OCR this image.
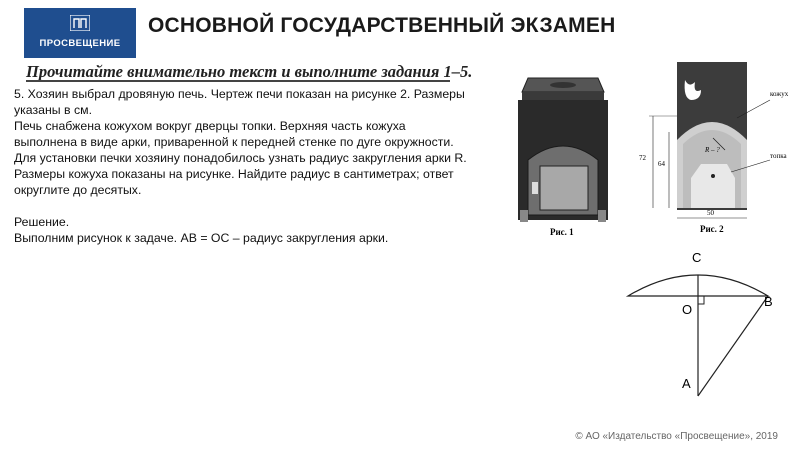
ПРОСВЕЩЕНИЕ
ОСНОВНОЙ ГОСУДАРСТВЕННЫЙ ЭКЗАМЕН
Прочитайте внимательно текст и выполните задания 1–5.

5. Хозяин выбрал дровяную печь. Чертеж печи показан на рисунке 2. Размеры

указаны в см.

Печь снабжена кожухом вокруг дверцы топки. Верхняя часть кожуха

выполнена в виде арки, приваренной к передней стенке по дуге окружности.

Для установки печки хозяину понадобилось узнать радиус закругления арки R.

Размеры кожуха показаны на рисунке. Найдите радиус в сантиметрах; ответ

округлите до десятых.

Решение.

Выполним рисунок к задаче. АВ = ОС – радиус закругления арки.	Рис. 1
R – ?
кожух
топка
72
64
50
Рис. 2
С
О
В
А
© АО «Издательство «Просвещение», 2019
